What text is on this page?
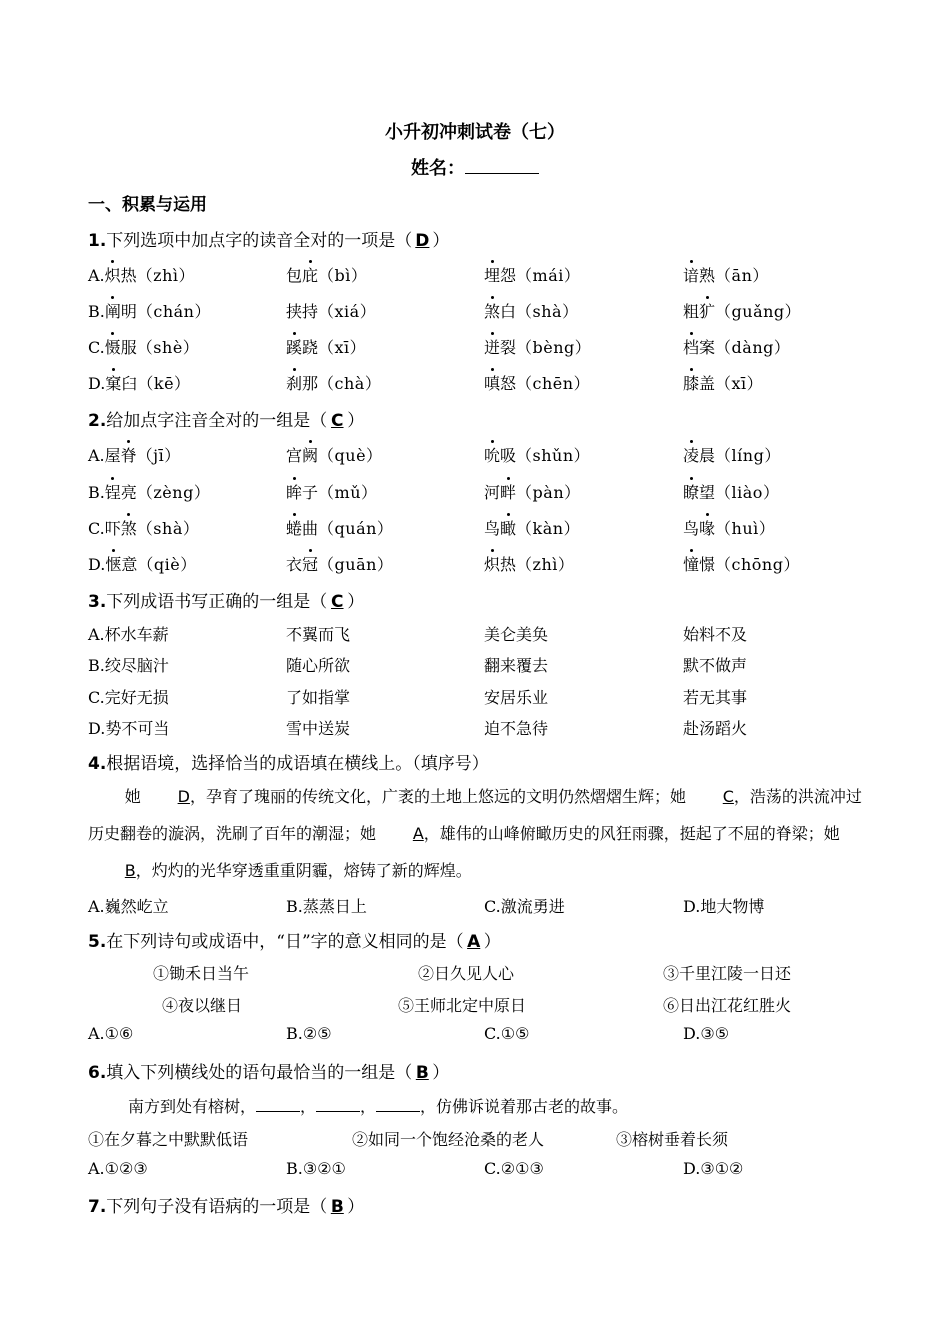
小升初冲刺试卷（七）
姓名：
一、积累与运用
1.下列选项中加点字的读音全对的一项是（ D ）
A.炽热（zhì）	包庇（bì）	埋怨（mái）	谙熟（ān）
B.阐明（chán）	挟持（xiá）	煞白（shà）	粗犷（guǎng）
C.慑服（shè）	蹊跷（xī）	迸裂（bèng）	档案（dàng）
D.窠臼（kē）	刹那（chà）	嗔怒（chēn）	膝盖（xī）
2.给加点字注音全对的一组是（ C ）
A.屋脊（jī）	宫阙（què）	吮吸（shǔn）	凌晨（líng）
B.锃亮（zèng）	眸子（mǔ）	河畔（pàn）	瞭望（liào）
C.吓煞（shà）	蜷曲（quán）	鸟瞰（kàn）	鸟喙（huì）
D.惬意（qiè）	衣冠（guān）	炽热（zhì）	憧憬（chōng）
3.下列成语书写正确的一组是（ C ）
A.杯水车薪	不翼而飞	美仑美奂	始料不及
B.绞尽脑汁	随心所欲	翻来覆去	默不做声
C.完好无损	了如指掌	安居乐业	若无其事
D.势不可当	雪中送炭	迫不急待	赴汤蹈火
4.根据语境，选择恰当的成语填在横线上。（填序号）
她 D，孕育了瑰丽的传统文化，广袤的土地上悠远的文明仍然熠熠生辉；她 C，浩荡的洪流冲过历史翻卷的漩涡，洗刷了百年的潮湿；她 A，雄伟的山峰俯瞰历史的风狂雨骤，挺起了不屈的脊梁；她B，灼灼的光华穿透重重阴霾，熔铸了新的辉煌。
A.巍然屹立	B.蒸蒸日上	C.激流勇进	D.地大物博
5.在下列诗句或成语中，“日”字的意义相同的是（ A ）
①锄禾日当午	②日久见人心	③千里江陵一日还
④夜以继日	⑤王师北定中原日	⑥日出江花红胜火
A.①⑥	B.②⑤	C.①⑤	D.③⑤
6.填入下列横线处的语句最恰当的一组是（ B ）
南方到处有榕树，	，	，	，仿佛诉说着那古老的故事。
①在夕暮之中默默低语	②如同一个饱经沧桑的老人	③榕树垂着长须
A.①②③	B.③②①	C.②①③	D.③①②
7.下列句子没有语病的一项是（ B ）
